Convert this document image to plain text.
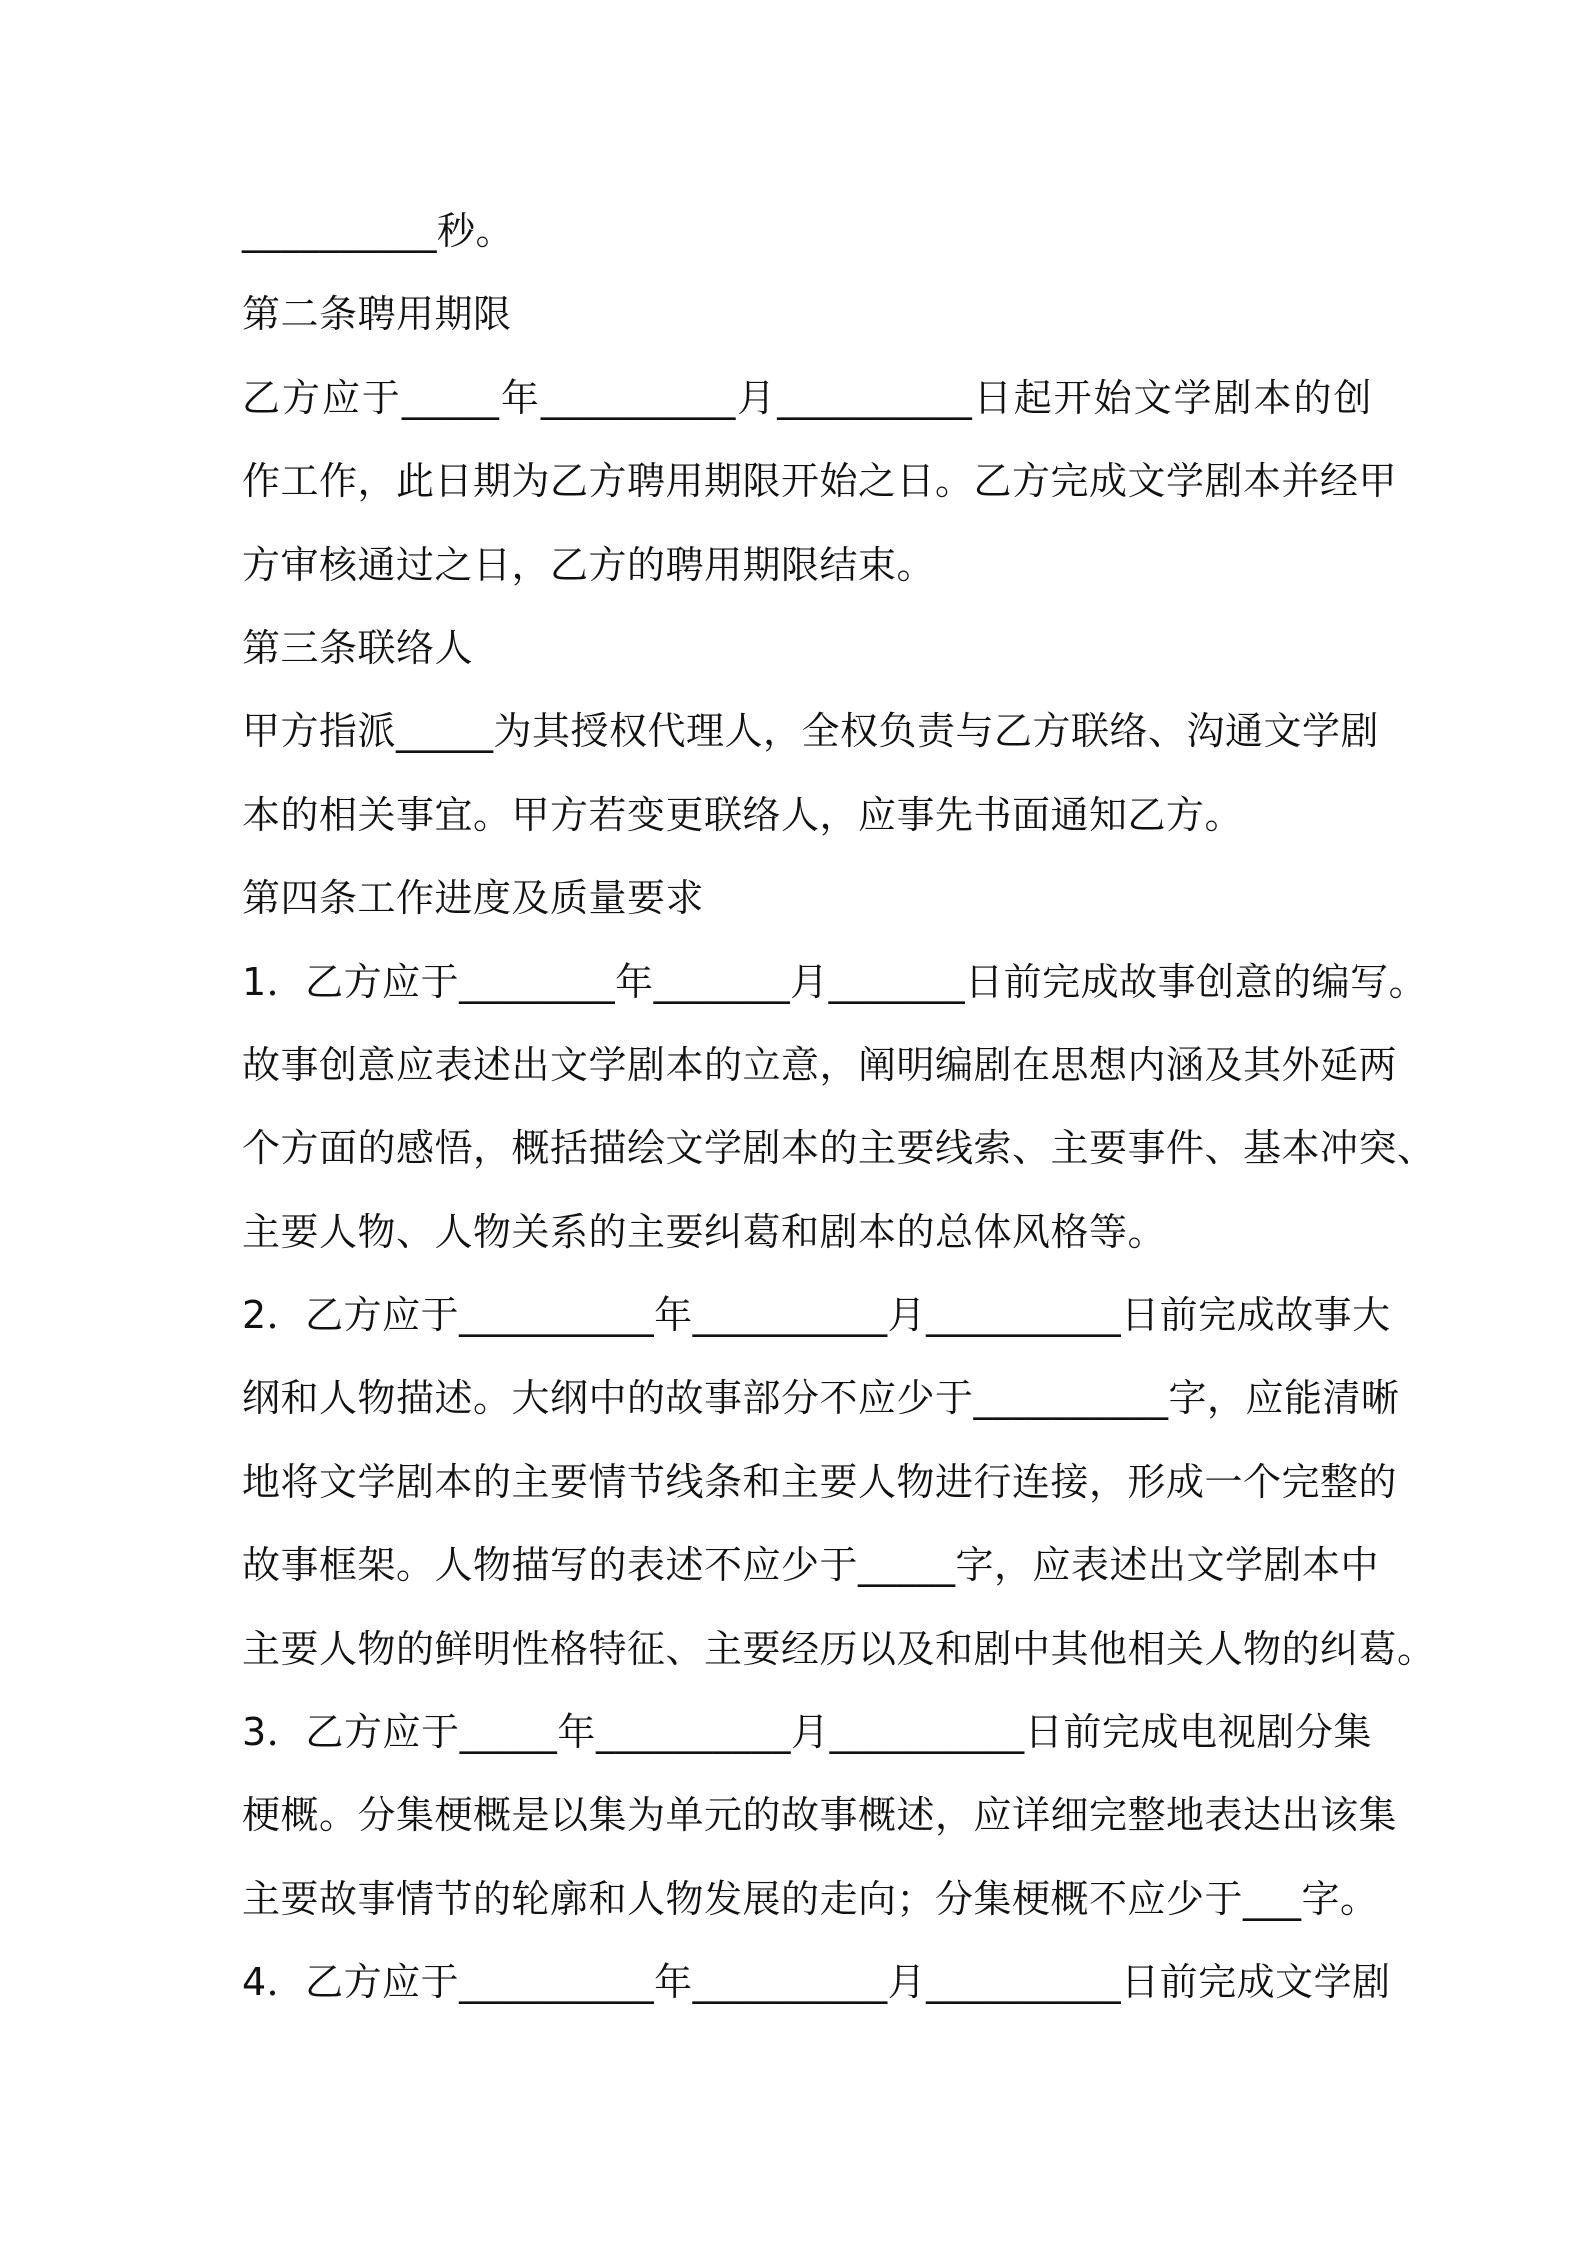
__________秒。
第二条聘用期限
乙方应于_____年__________月__________日起开始文学剧本的创
作工作，此日期为乙方聘用期限开始之日。乙方完成文学剧本并经甲
方审核通过之日，乙方的聘用期限结束。
第三条联络人
甲方指派_____为其授权代理人，全权负责与乙方联络、沟通文学剧
本的相关事宜。甲方若变更联络人，应事先书面通知乙方。
第四条工作进度及质量要求
1．乙方应于________年_______月_______日前完成故事创意的编写。
故事创意应表述出文学剧本的立意，阐明编剧在思想内涵及其外延两
个方面的感悟，概括描绘文学剧本的主要线索、主要事件、基本冲突、
主要人物、人物关系的主要纠葛和剧本的总体风格等。
2．乙方应于__________年__________月__________日前完成故事大
纲和人物描述。大纲中的故事部分不应少于__________字，应能清晰
地将文学剧本的主要情节线条和主要人物进行连接，形成一个完整的
故事框架。人物描写的表述不应少于_____字，应表述出文学剧本中
主要人物的鲜明性格特征、主要经历以及和剧中其他相关人物的纠葛。
3．乙方应于_____年__________月__________日前完成电视剧分集
梗概。分集梗概是以集为单元的故事概述，应详细完整地表达出该集
主要故事情节的轮廓和人物发展的走向；分集梗概不应少于___字。
4．乙方应于__________年__________月__________日前完成文学剧
